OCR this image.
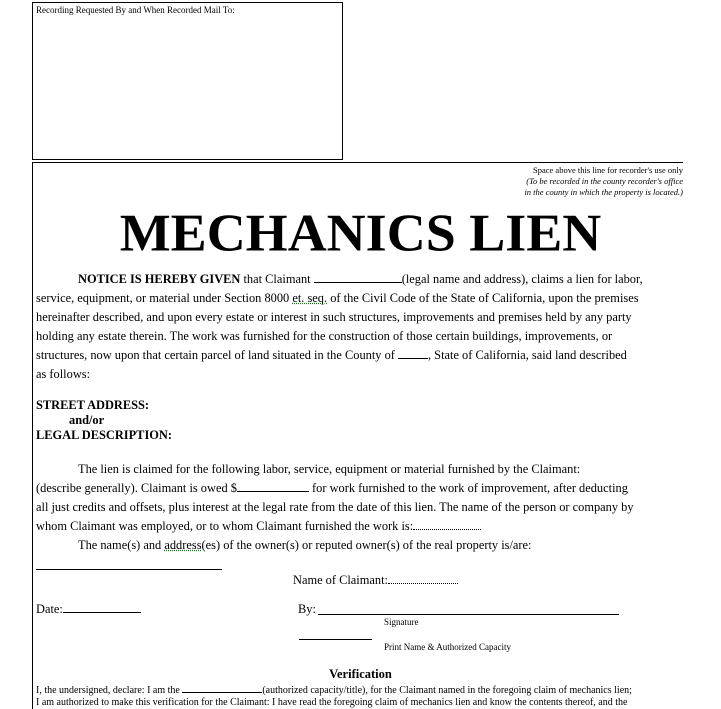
Recording Requested By and When Recorded Mail To:
Space above this line for recorder's use only
(To be recorded in the county recorder's office
in the county in which the property is located.)
MECHANICS LIEN
NOTICE IS HEREBY GIVEN that Claimant	(legal name and address), claims a lien for labor,
service, equipment, or material under Section 8000 et. seq. of the Civil Code of the State of California, upon the premises
hereinafter described, and upon every estate or interest in such structures, improvements and premises held by any party
holding any estate therein. The work was furnished for the construction of those certain buildings, improvements, or
structures, now upon that certain parcel of land situated in the County of , State of California, said land described
as follows:
STREET ADDRESS:
and/or
LEGAL DESCRIPTION:
The lien is claimed for the following labor, service, equipment or material furnished by the Claimant:
(describe generally). Claimant is owed $	for work furnished to the work of improvement, after deducting
all just credits and offsets, plus interest at the legal rate from the date of this lien. The name of the person or company by
whom Claimant was employed, or to whom Claimant furnished the work is:
The name(s) and address(es) of the owner(s) or reputed owner(s) of the real property is/are:
Name of Claimant:
Date:	By:
Signature
Print Name & Authorized Capacity
Verification
I, the undersigned, declare: I am the	(authorized capacity/title), for the Claimant named in the foregoing claim of mechanics lien;
I am authorized to make this verification for the Claimant: I have read the foregoing claim of mechanics lien and know the contents thereof, and the
